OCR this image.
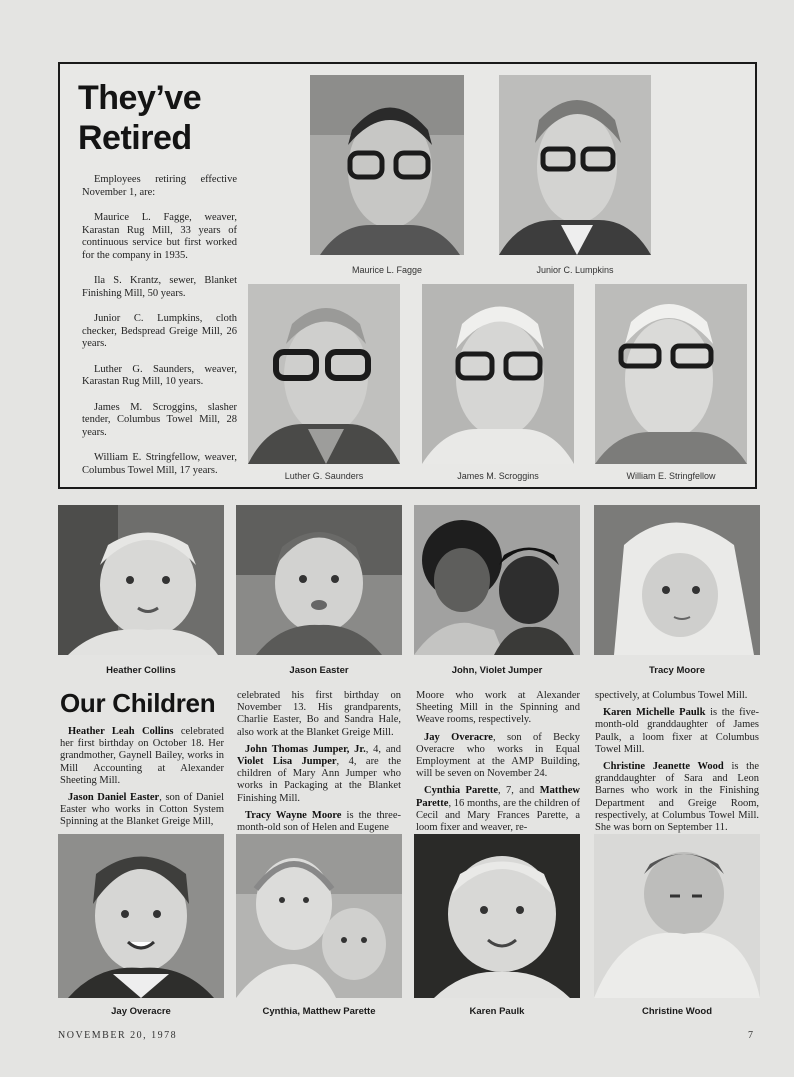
They’ve
Retired

Employees retiring effective November 1, are:

Maurice L. Fagge, weaver, Karastan Rug Mill, 33 years of continuous service but first worked for the company in 1935.

Ila S. Krantz, sewer, Blanket Finishing Mill, 50 years.

Junior C. Lumpkins, cloth checker, Bedspread Greige Mill, 26 years.

Luther G. Saunders, weaver, Karastan Rug Mill, 10 years.

James M. Scroggins, slasher tender, Columbus Towel Mill, 28 years.

William E. Stringfellow, weaver, Columbus Towel Mill, 17 years.

Maurice L. Fagge	Junior C. Lumpkins
Luther G. Saunders	James M. Scroggins	William E. Stringfellow
Heather Collins	Jason Easter	John, Violet Jumper	Tracy Moore
Our Children

Heather Leah Collins celebrated her first birthday on October 18. Her grandmother, Gaynell Bailey, works in Mill Accounting at Alexander Sheeting Mill.

Jason Daniel Easter, son of Daniel Easter who works in Cotton System Spinning at the Blanket Greige Mill,

celebrated his first birthday on November 13. His grandparents, Charlie Easter, Bo and Sandra Hale, also work at the Blanket Greige Mill.

John Thomas Jumper, Jr., 4, and Violet Lisa Jumper, 4, are the children of Mary Ann Jumper who works in Packaging at the Blanket Finishing Mill.

Tracy Wayne Moore is the three-month-old son of Helen and Eugene

Moore who work at Alexander Sheeting Mill in the Spinning and Weave rooms, respectively.

Jay Overacre, son of Becky Overacre who works in Equal Employment at the AMP Building, will be seven on November 24.

Cynthia Parette, 7, and Matthew Parette, 16 months, are the children of Cecil and Mary Frances Parette, a loom fixer and weaver, re-

spectively, at Columbus Towel Mill.

Karen Michelle Paulk is the five-month-old granddaughter of James Paulk, a loom fixer at Columbus Towel Mill.

Christine Jeanette Wood is the granddaughter of Sara and Leon Barnes who work in the Finishing Department and Greige Room, respectively, at Columbus Towel Mill. She was born on September 11.

Jay Overacre	Cynthia, Matthew Parette	Karen Paulk	Christine Wood
NOVEMBER 20, 1978	7
